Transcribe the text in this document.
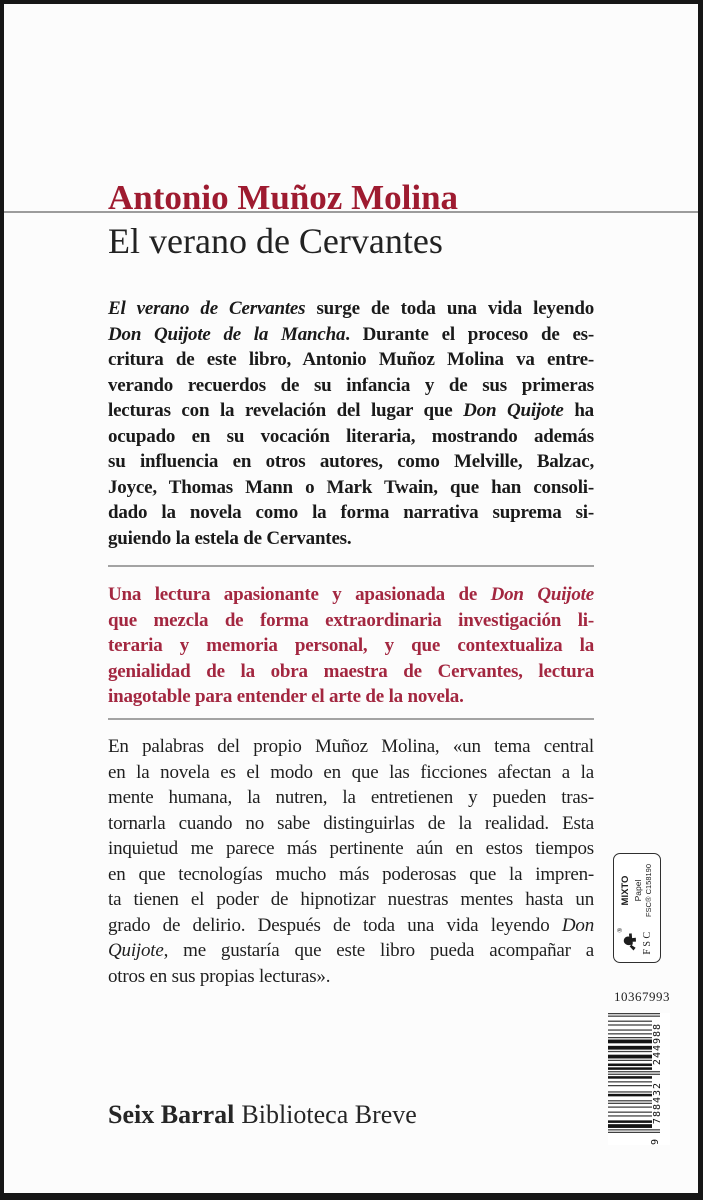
Antonio Muñoz Molina
El verano de Cervantes
El verano de Cervantes surge de toda una vida leyendo
Don Quijote de la Mancha. Durante el proceso de es-
critura de este libro, Antonio Muñoz Molina va entre-
verando recuerdos de su infancia y de sus primeras
lecturas con la revelación del lugar que Don Quijote ha
ocupado en su vocación literaria, mostrando además
su influencia en otros autores, como Melville, Balzac,
Joyce, Thomas Mann o Mark Twain, que han consoli-
dado la novela como la forma narrativa suprema si-
guiendo la estela de Cervantes.
Una lectura apasionante y apasionada de Don Quijote
que mezcla de forma extraordinaria investigación li-
teraria y memoria personal, y que contextualiza la
genialidad de la obra maestra de Cervantes, lectura
inagotable para entender el arte de la novela.
En palabras del propio Muñoz Molina, «un tema central
en la novela es el modo en que las ficciones afectan a la
mente humana, la nutren, la entretienen y pueden tras-
tornarla cuando no sabe distinguirlas de la realidad. Esta
inquietud me parece más pertinente aún en estos tiempos
en que tecnologías mucho más poderosas que la impren-
ta tienen el poder de hipnotizar nuestras mentes hasta un
grado de delirio. Después de toda una vida leyendo Don
Quijote, me gustaría que este libro pueda acompañar a
otros en sus propias lecturas».
® FSC
MIXTO Papel FSC® C158190
10367993
9
788432
244988
Seix Barral Biblioteca Breve
